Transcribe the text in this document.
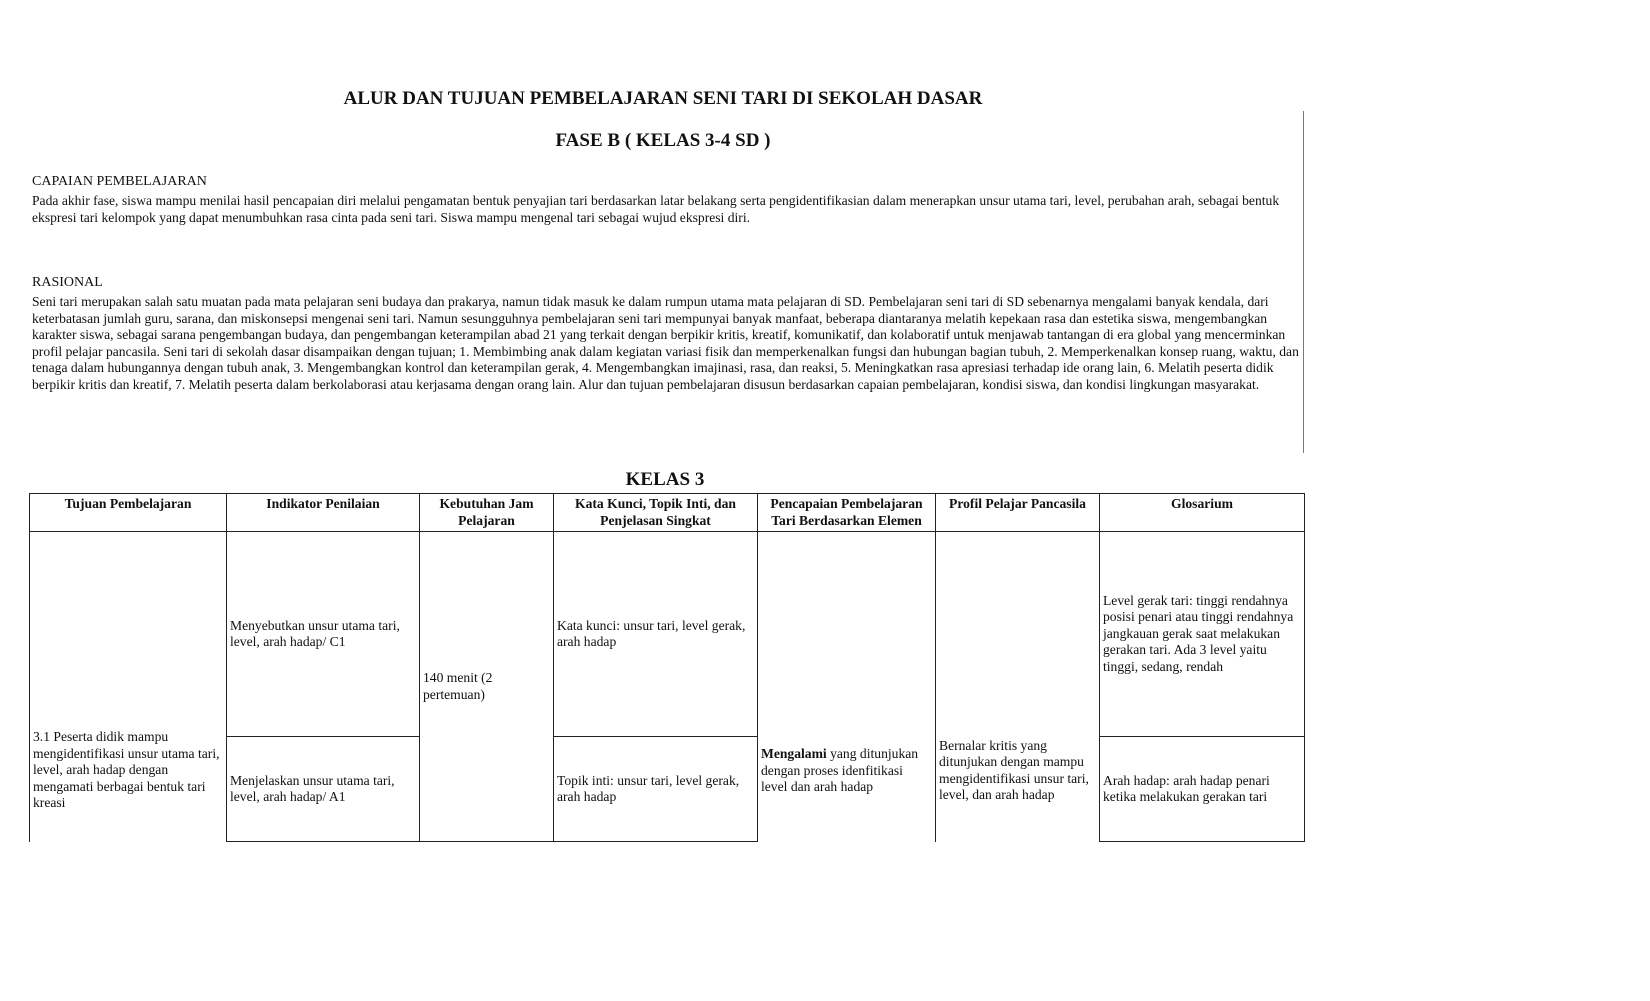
ALUR DAN TUJUAN PEMBELAJARAN SENI TARI DI SEKOLAH DASAR
FASE B ( KELAS 3-4 SD )
CAPAIAN PEMBELAJARAN
Pada akhir fase, siswa mampu menilai hasil pencapaian diri melalui pengamatan bentuk penyajian tari berdasarkan latar belakang serta pengidentifikasian dalam menerapkan unsur utama tari, level, perubahan arah, sebagai bentuk ekspresi tari kelompok yang dapat menumbuhkan rasa cinta pada seni tari. Siswa mampu mengenal tari sebagai wujud ekspresi diri.
RASIONAL
Seni tari merupakan salah satu muatan pada mata pelajaran seni budaya dan prakarya, namun tidak masuk ke dalam rumpun utama mata pelajaran di SD. Pembelajaran seni tari di SD sebenarnya mengalami banyak kendala, dari keterbatasan jumlah guru, sarana, dan miskonsepsi mengenai seni tari. Namun sesungguhnya pembelajaran seni tari mempunyai banyak manfaat, beberapa diantaranya melatih kepekaan rasa dan estetika siswa, mengembangkan karakter siswa, sebagai sarana pengembangan budaya, dan pengembangan keterampilan abad 21 yang terkait dengan berpikir kritis, kreatif, komunikatif, dan kolaboratif untuk menjawab tantangan di era global yang mencerminkan profil pelajar pancasila. Seni tari di sekolah dasar disampaikan dengan tujuan; 1. Membimbing anak dalam kegiatan variasi fisik dan memperkenalkan fungsi dan hubungan bagian tubuh, 2. Memperkenalkan konsep ruang, waktu, dan tenaga dalam hubungannya dengan tubuh anak, 3. Mengembangkan kontrol dan keterampilan gerak, 4. Mengembangkan imajinasi, rasa, dan reaksi, 5. Meningkatkan rasa apresiasi terhadap ide orang lain, 6. Melatih peserta didik berpikir kritis dan kreatif, 7. Melatih peserta dalam berkolaborasi atau kerjasama dengan orang lain. Alur dan tujuan pembelajaran disusun berdasarkan capaian pembelajaran, kondisi siswa, dan kondisi lingkungan masyarakat.
KELAS 3
Tujuan Pembelajaran	Indikator Penilaian	Kebutuhan Jam Pelajaran	Kata Kunci, Topik Inti, dan Penjelasan Singkat	Pencapaian Pembelajaran Tari Berdasarkan Elemen	Profil Pelajar Pancasila	Glosarium
3.1 Peserta didik mampu mengidentifikasi unsur utama tari, level, arah hadap dengan mengamati berbagai bentuk tari kreasi	Menyebutkan unsur utama tari, level, arah hadap/ C1	140 menit (2 pertemuan)	Kata kunci: unsur tari, level gerak, arah hadap	Mengalami yang ditunjukan dengan proses idenfitikasi level dan arah hadap	Bernalar kritis yang ditunjukan dengan mampu mengidentifikasi unsur tari, level, dan arah hadap	Level gerak tari: tinggi rendahnya posisi penari atau tinggi rendahnya jangkauan gerak saat melakukan gerakan tari. Ada 3 level yaitu tinggi, sedang, rendah
	Menjelaskan unsur utama tari, level, arah hadap/ A1		Topik inti: unsur tari, level gerak, arah hadap			Arah hadap: arah hadap penari ketika melakukan gerakan tari
